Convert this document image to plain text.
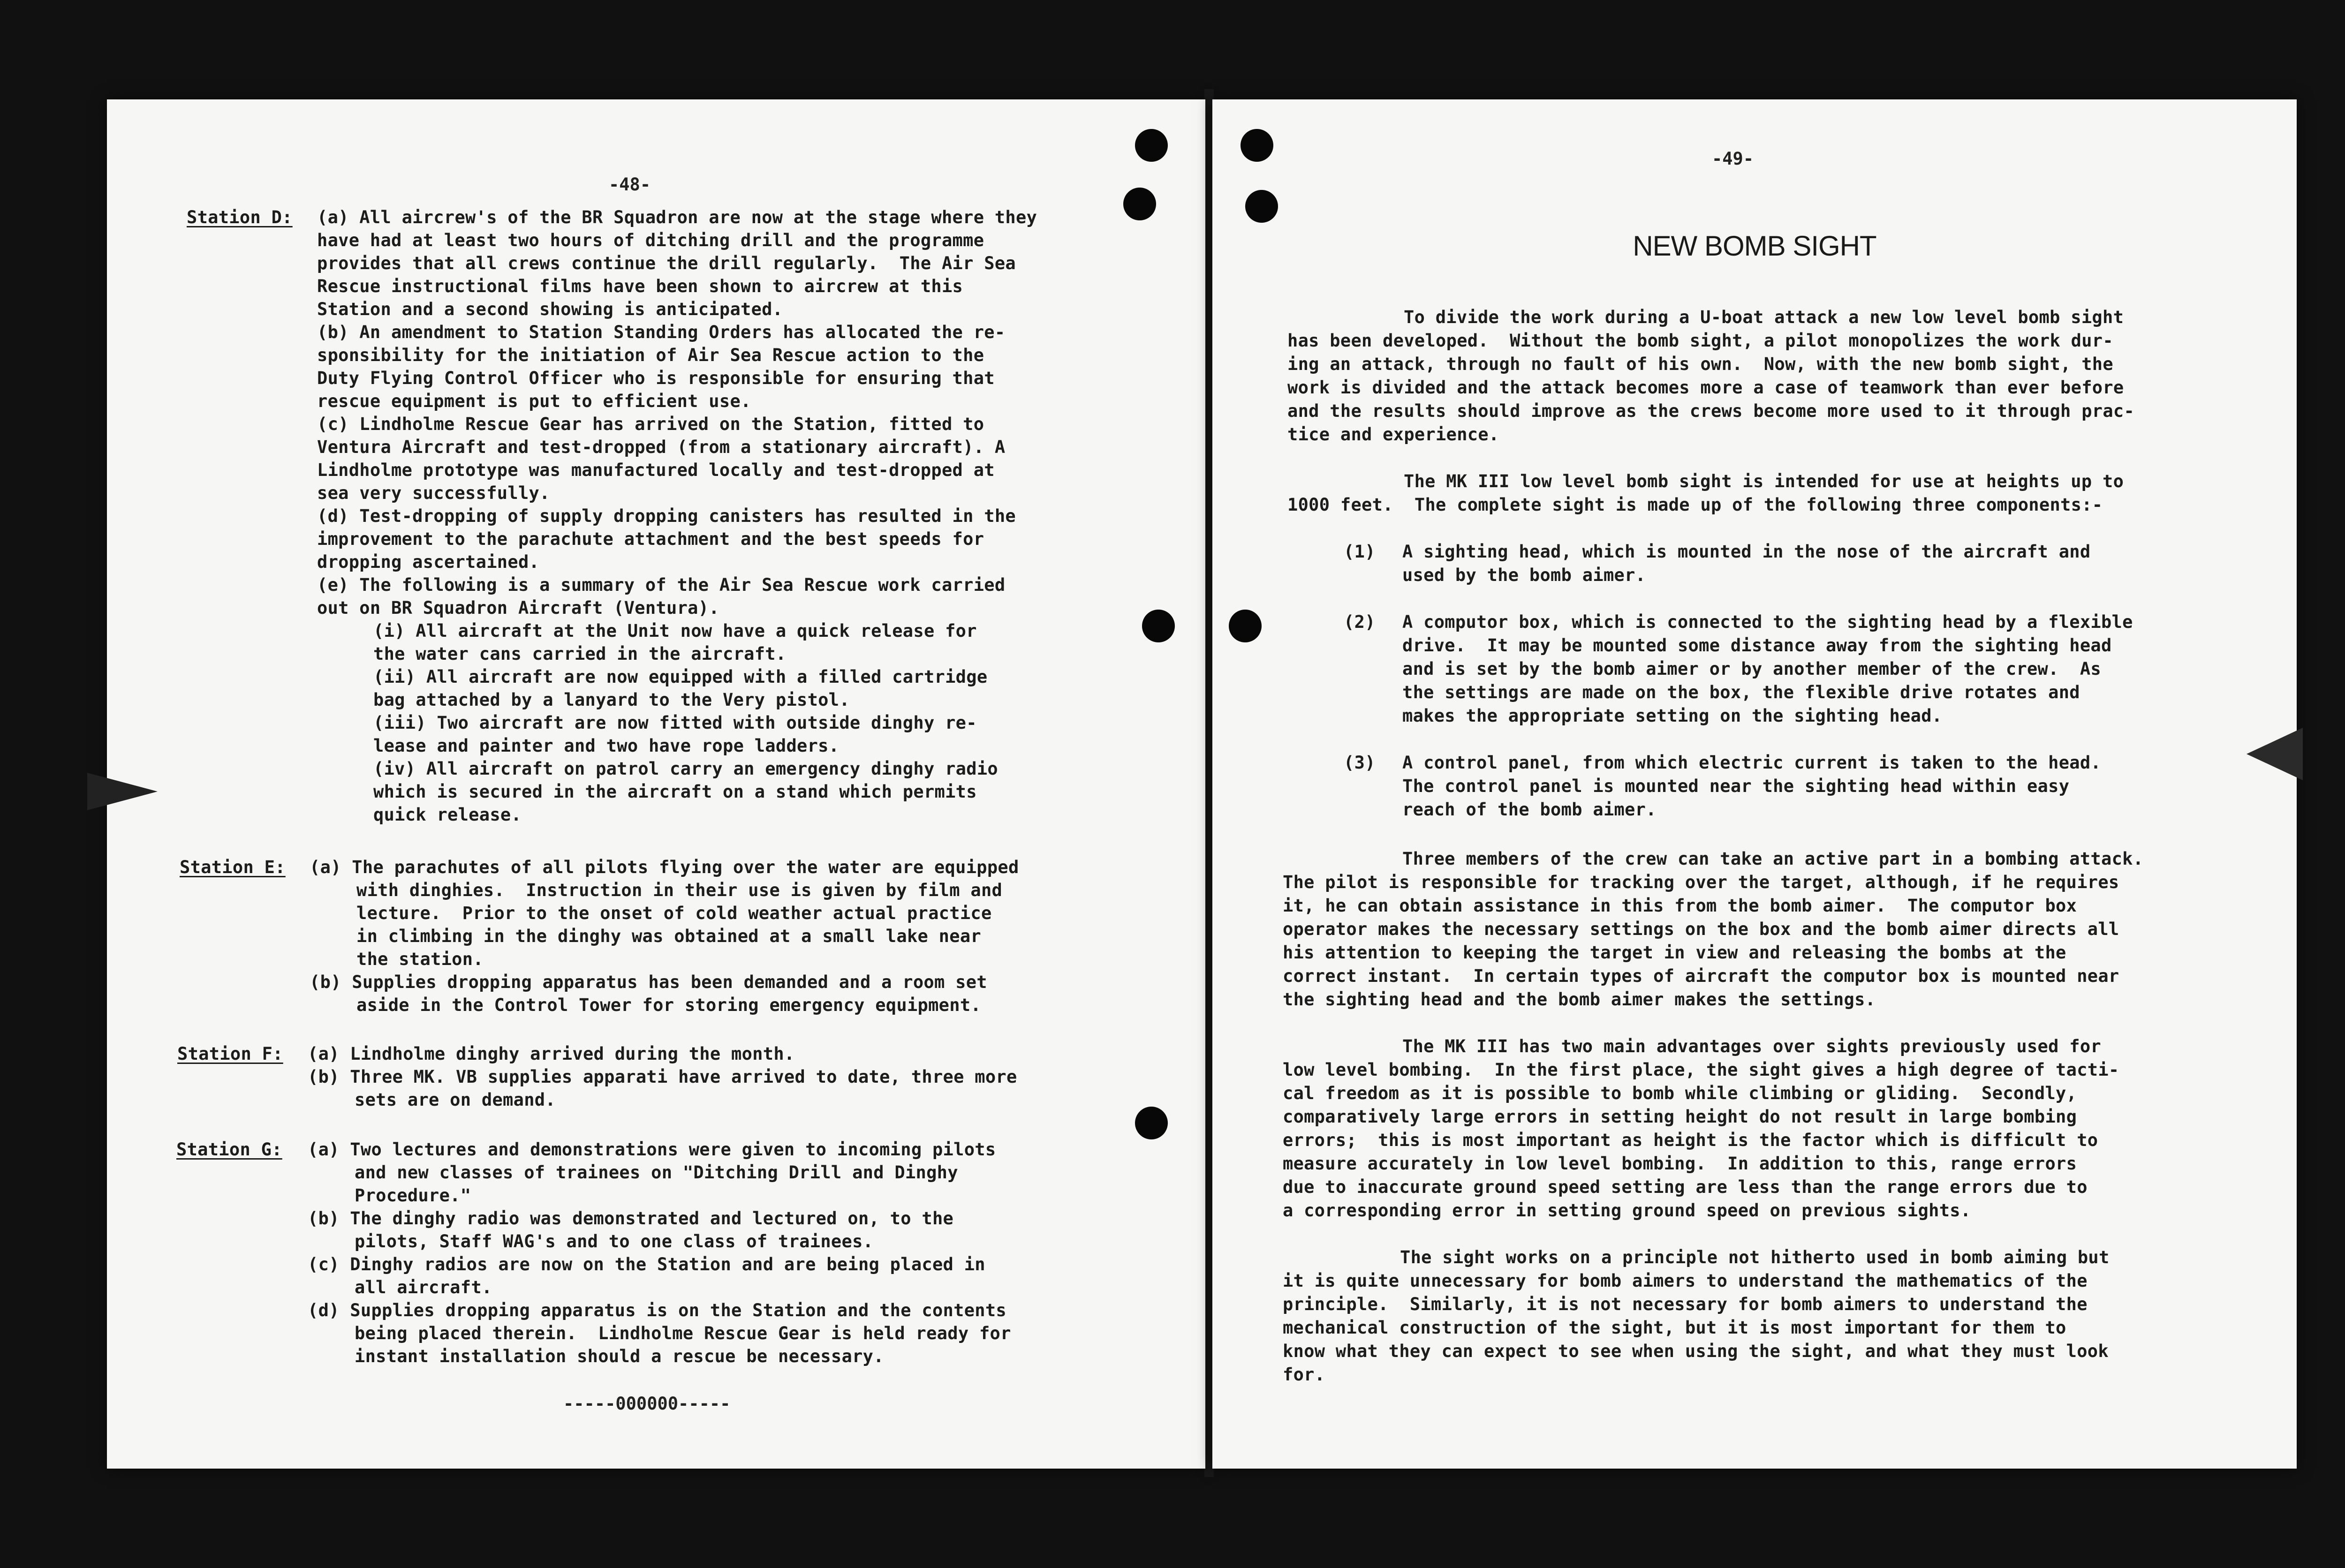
-48-
Station D:
Station E:
Station F:
Station G:
(a) All aircrew's of the BR Squadron are now at the stage where they
have had at least two hours of ditching drill and the programme
provides that all crews continue the drill regularly.  The Air Sea
Rescue instructional films have been shown to aircrew at this
Station and a second showing is anticipated.
(b) An amendment to Station Standing Orders has allocated the re-
sponsibility for the initiation of Air Sea Rescue action to the
Duty Flying Control Officer who is responsible for ensuring that
rescue equipment is put to efficient use.
(c) Lindholme Rescue Gear has arrived on the Station, fitted to
Ventura Aircraft and test-dropped (from a stationary aircraft). A
Lindholme prototype was manufactured locally and test-dropped at
sea very successfully.
(d) Test-dropping of supply dropping canisters has resulted in the
improvement to the parachute attachment and the best speeds for
dropping ascertained.
(e) The following is a summary of the Air Sea Rescue work carried
out on BR Squadron Aircraft (Ventura).
(i) All aircraft at the Unit now have a quick release for
the water cans carried in the aircraft.
(ii) All aircraft are now equipped with a filled cartridge
bag attached by a lanyard to the Very pistol.
(iii) Two aircraft are now fitted with outside dinghy re-
lease and painter and two have rope ladders.
(iv) All aircraft on patrol carry an emergency dinghy radio
which is secured in the aircraft on a stand which permits
quick release.
(a) The parachutes of all pilots flying over the water are equipped
with dinghies.  Instruction in their use is given by film and
lecture.  Prior to the onset of cold weather actual practice
in climbing in the dinghy was obtained at a small lake near
the station.
(b) Supplies dropping apparatus has been demanded and a room set
aside in the Control Tower for storing emergency equipment.
(a) Lindholme dinghy arrived during the month.
(b) Three MK. VB supplies apparati have arrived to date, three more
sets are on demand.
(a) Two lectures and demonstrations were given to incoming pilots
and new classes of trainees on "Ditching Drill and Dinghy
Procedure."
(b) The dinghy radio was demonstrated and lectured on, to the
pilots, Staff WAG's and to one class of trainees.
(c) Dinghy radios are now on the Station and are being placed in
all aircraft.
(d) Supplies dropping apparatus is on the Station and the contents
being placed therein.  Lindholme Rescue Gear is held ready for
instant installation should a rescue be necessary.
-----000000-----
-49-
NEW BOMB SIGHT
To divide the work during a U-boat attack a new low level bomb sight
has been developed.  Without the bomb sight, a pilot monopolizes the work dur-
ing an attack, through no fault of his own.  Now, with the new bomb sight, the
work is divided and the attack becomes more a case of teamwork than ever before
and the results should improve as the crews become more used to it through prac-
tice and experience.
The MK III low level bomb sight is intended for use at heights up to
1000 feet.  The complete sight is made up of the following three components:-
(1) A sighting head, which is mounted in the nose of the aircraft and
used by the bomb aimer.
(2) A computor box, which is connected to the sighting head by a flexible
drive.  It may be mounted some distance away from the sighting head
and is set by the bomb aimer or by another member of the crew.  As
the settings are made on the box, the flexible drive rotates and
makes the appropriate setting on the sighting head.
(3) A control panel, from which electric current is taken to the head.
The control panel is mounted near the sighting head within easy
reach of the bomb aimer.
Three members of the crew can take an active part in a bombing attack.
The pilot is responsible for tracking over the target, although, if he requires
it, he can obtain assistance in this from the bomb aimer.  The computor box
operator makes the necessary settings on the box and the bomb aimer directs all
his attention to keeping the target in view and releasing the bombs at the
correct instant.  In certain types of aircraft the computor box is mounted near
the sighting head and the bomb aimer makes the settings.
The MK III has two main advantages over sights previously used for
low level bombing.  In the first place, the sight gives a high degree of tacti-
cal freedom as it is possible to bomb while climbing or gliding.  Secondly,
comparatively large errors in setting height do not result in large bombing
errors;  this is most important as height is the factor which is difficult to
measure accurately in low level bombing.  In addition to this, range errors
due to inaccurate ground speed setting are less than the range errors due to
a corresponding error in setting ground speed on previous sights.
The sight works on a principle not hitherto used in bomb aiming but
it is quite unnecessary for bomb aimers to understand the mathematics of the
principle.  Similarly, it is not necessary for bomb aimers to understand the
mechanical construction of the sight, but it is most important for them to
know what they can expect to see when using the sight, and what they must look
for.
